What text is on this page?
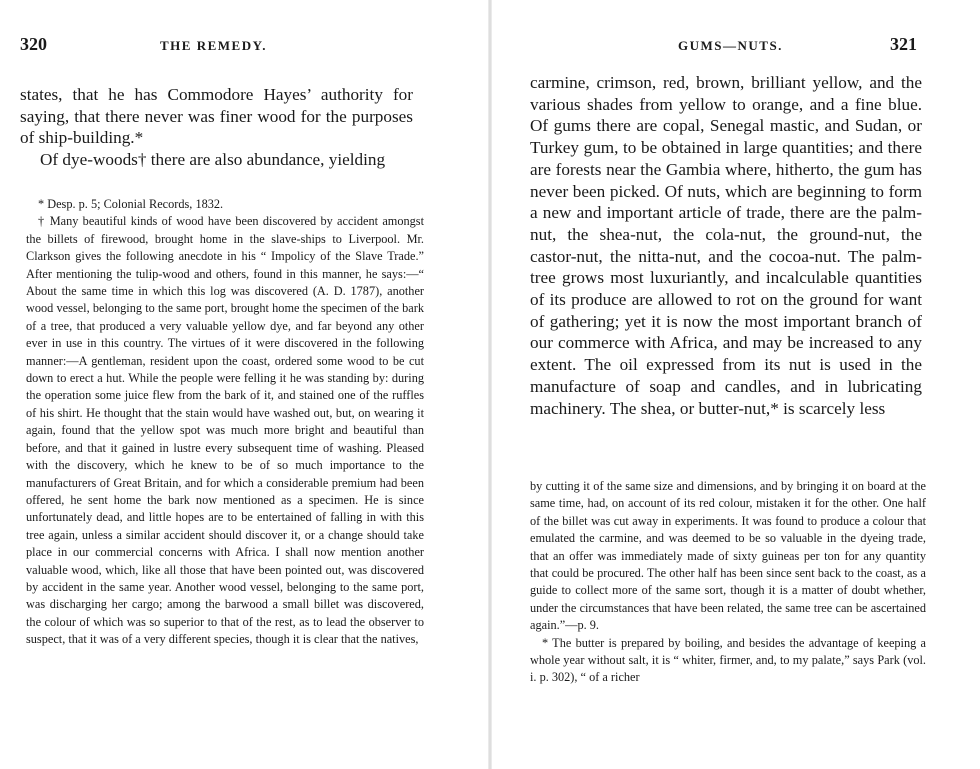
320	THE REMEDY.

states, that he has Commodore Hayes’ authority for saying, that there never was finer wood for the purposes of ship-building.*

Of dye-woods† there are also abundance, yielding

* Desp. p. 5; Colonial Records, 1832.

† Many beautiful kinds of wood have been discovered by accident amongst the billets of firewood, brought home in the slave-ships to Liverpool. Mr. Clarkson gives the following anecdote in his “ Impolicy of the Slave Trade.” After mentioning the tulip-wood and others, found in this manner, he says:—“ About the same time in which this log was discovered (A. D. 1787), another wood vessel, belonging to the same port, brought home the specimen of the bark of a tree, that produced a very valuable yellow dye, and far beyond any other ever in use in this country. The virtues of it were discovered in the following manner:—A gentleman, resident upon the coast, ordered some wood to be cut down to erect a hut. While the people were felling it he was standing by: during the operation some juice flew from the bark of it, and stained one of the ruffles of his shirt. He thought that the stain would have washed out, but, on wearing it again, found that the yellow spot was much more bright and beautiful than before, and that it gained in lustre every subsequent time of washing. Pleased with the discovery, which he knew to be of so much importance to the manufacturers of Great Britain, and for which a considerable premium had been offered, he sent home the bark now mentioned as a specimen. He is since unfortunately dead, and little hopes are to be entertained of falling in with this tree again, unless a similar accident should discover it, or a change should take place in our commercial concerns with Africa. I shall now mention another valuable wood, which, like all those that have been pointed out, was discovered by accident in the same year. Another wood vessel, belonging to the same port, was discharging her cargo; among the barwood a small billet was discovered, the colour of which was so superior to that of the rest, as to lead the observer to suspect, that it was of a very different species, though it is clear that the natives,

GUMS—NUTS.	321

carmine, crimson, red, brown, brilliant yellow, and the various shades from yellow to orange, and a fine blue. Of gums there are copal, Senegal mastic, and Sudan, or Turkey gum, to be obtained in large quantities; and there are forests near the Gambia where, hitherto, the gum has never been picked. Of nuts, which are beginning to form a new and important article of trade, there are the palm-nut, the shea-nut, the cola-nut, the ground-nut, the castor-nut, the nitta-nut, and the cocoa-nut. The palm-tree grows most luxuriantly, and incalculable quantities of its produce are allowed to rot on the ground for want of gathering; yet it is now the most important branch of our commerce with Africa, and may be increased to any extent. The oil expressed from its nut is used in the manufacture of soap and candles, and in lubricating machinery. The shea, or butter-nut,* is scarcely less

by cutting it of the same size and dimensions, and by bringing it on board at the same time, had, on account of its red colour, mistaken it for the other. One half of the billet was cut away in experiments. It was found to produce a colour that emulated the carmine, and was deemed to be so valuable in the dyeing trade, that an offer was immediately made of sixty guineas per ton for any quantity that could be procured. The other half has been since sent back to the coast, as a guide to collect more of the same sort, though it is a matter of doubt whether, under the circumstances that have been related, the same tree can be ascertained again.”—p. 9.

* The butter is prepared by boiling, and besides the advantage of keeping a whole year without salt, it is “ whiter, firmer, and, to my palate,” says Park (vol. i. p. 302), “ of a richer
